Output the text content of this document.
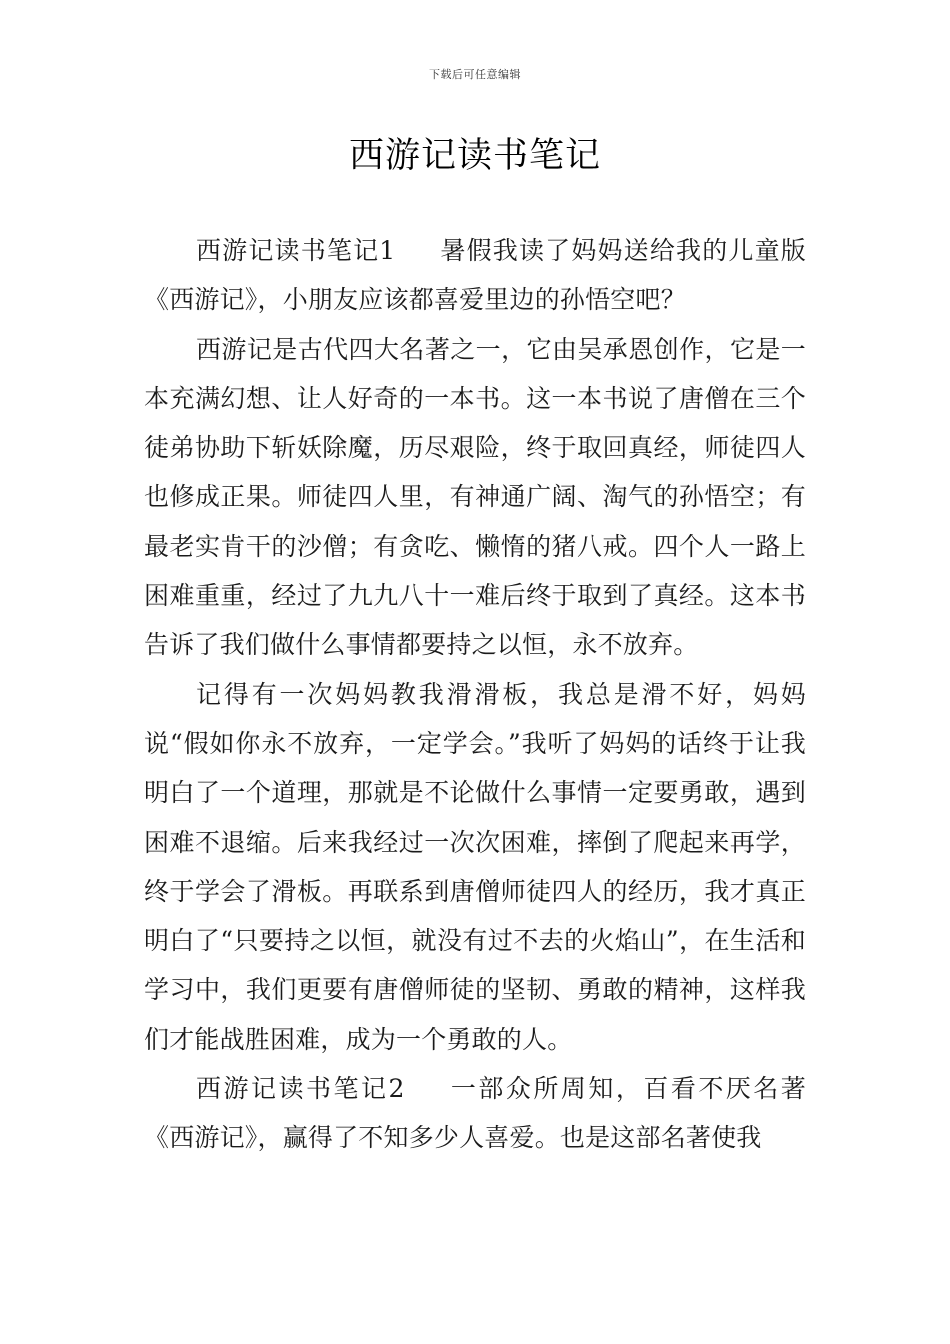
下载后可任意编辑
西游记读书笔记

西游记读书笔记1 暑假我读了妈妈送给我的儿童版《西游记》，小朋友应该都喜爱里边的孙悟空吧？

西游记是古代四大名著之一，它由吴承恩创作，它是一本充满幻想、让人好奇的一本书。这一本书说了唐僧在三个徒弟协助下斩妖除魔，历尽艰险，终于取回真经，师徒四人也修成正果。师徒四人里，有神通广阔、淘气的孙悟空；有最老实肯干的沙僧；有贪吃、懒惰的猪八戒。四个人一路上困难重重，经过了九九八十一难后终于取到了真经。这本书告诉了我们做什么事情都要持之以恒，永不放弃。

记得有一次妈妈教我滑滑板，我总是滑不好，妈妈说“假如你永不放弃，一定学会。”我听了妈妈的话终于让我明白了一个道理，那就是不论做什么事情一定要勇敢，遇到困难不退缩。后来我经过一次次困难，摔倒了爬起来再学，终于学会了滑板。再联系到唐僧师徒四人的经历，我才真正明白了“只要持之以恒，就没有过不去的火焰山”，在生活和学习中，我们更要有唐僧师徒的坚韧、勇敢的精神，这样我们才能战胜困难，成为一个勇敢的人。

西游记读书笔记2 一部众所周知，百看不厌名著《西游记》，赢得了不知多少人喜爱。也是这部名著使我
